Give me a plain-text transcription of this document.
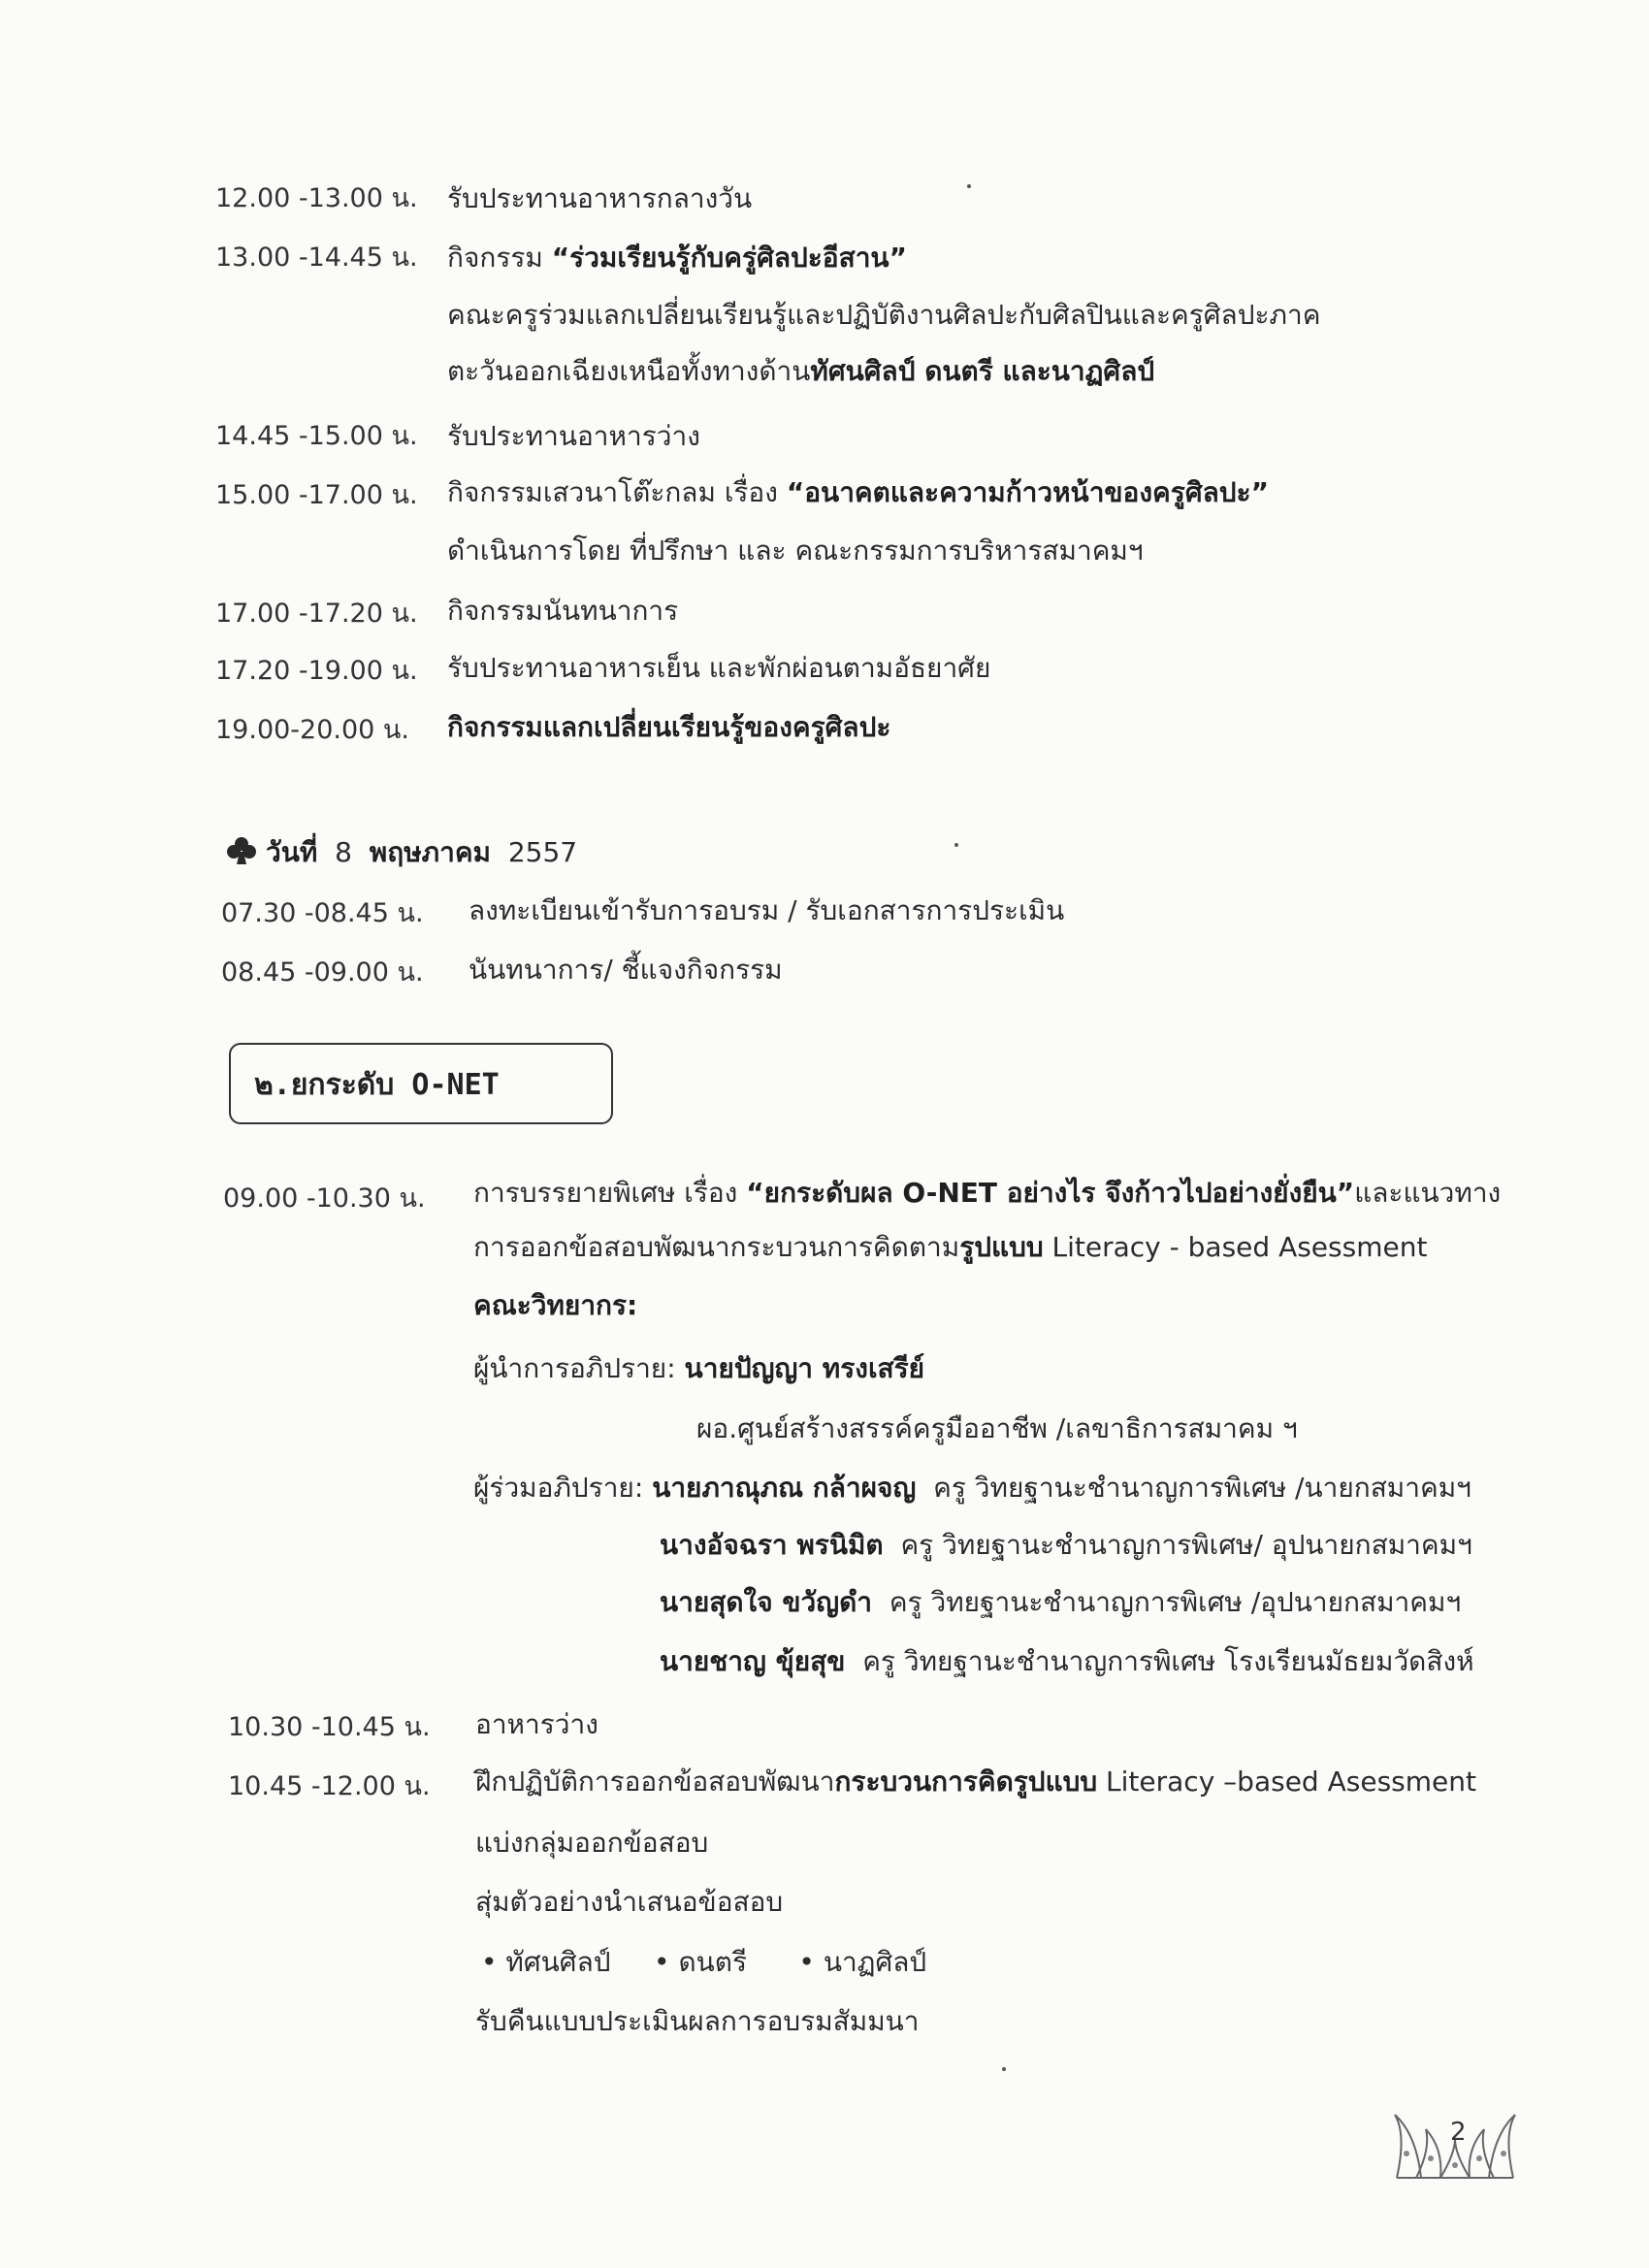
12.00 -13.00 น. รับประทานอาหารกลางวัน
13.00 -14.45 น. กิจกรรม “ร่วมเรียนรู้กับครู่ศิลปะอีสาน”
คณะครูร่วมแลกเปลี่ยนเรียนรู้และปฏิบัติงานศิลปะกับศิลปินและครูศิลปะภาค
ตะวันออกเฉียงเหนือทั้งทางด้านทัศนศิลป์ ดนตรี และนาฏศิลป์
14.45 -15.00 น. รับประทานอาหารว่าง
15.00 -17.00 น. กิจกรรมเสวนาโต๊ะกลม เรื่อง “อนาคตและความก้าวหน้าของครูศิลปะ”
ดำเนินการโดย ที่ปรึกษา และ คณะกรรมการบริหารสมาคมฯ
17.00 -17.20 น. กิจกรรมนันทนาการ
17.20 -19.00 น. รับประทานอาหารเย็น และพักผ่อนตามอัธยาศัย
19.00-20.00 น. กิจกรรมแลกเปลี่ยนเรียนรู้ของครูศิลปะ
วันที่ 8 พฤษภาคม 2557
07.30 -08.45 น. ลงทะเบียนเข้ารับการอบรม / รับเอกสารการประเมิน
08.45 -09.00 น. นันทนาการ/ ชี้แจงกิจกรรม
๒.ยกระดับ O-NET
09.00 -10.30 น. การบรรยายพิเศษ เรื่อง “ยกระดับผล O-NET อย่างไร จึงก้าวไปอย่างยั่งยืน”และแนวทาง
การออกข้อสอบพัฒนากระบวนการคิดตามรูปแบบ Literacy - based Asessment
คณะวิทยากร:
ผู้นำการอภิปราย: นายปัญญา ทรงเสรีย์
ผอ.ศูนย์สร้างสรรค์ครูมืออาชีพ /เลขาธิการสมาคม ฯ
ผู้ร่วมอภิปราย: นายภาณุภณ กล้าผจญ ครู วิทยฐานะชำนาญการพิเศษ /นายกสมาคมฯ
นางอัจฉรา พรนิมิต ครู วิทยฐานะชำนาญการพิเศษ/ อุปนายกสมาคมฯ
นายสุดใจ ขวัญดำ ครู วิทยฐานะชำนาญการพิเศษ /อุปนายกสมาคมฯ
นายชาญ ขุ้ยสุข ครู วิทยฐานะชำนาญการพิเศษ โรงเรียนมัธยมวัดสิงห์
10.30 -10.45 น. อาหารว่าง
10.45 -12.00 น. ฝึกปฏิบัติการออกข้อสอบพัฒนากระบวนการคิดรูปแบบ Literacy –based Asessment
แบ่งกลุ่มออกข้อสอบ
สุ่มตัวอย่างนำเสนอข้อสอบ
• ทัศนศิลป์ • ดนตรี • นาฏศิลป์
รับคืนแบบประเมินผลการอบรมสัมมนา
2
